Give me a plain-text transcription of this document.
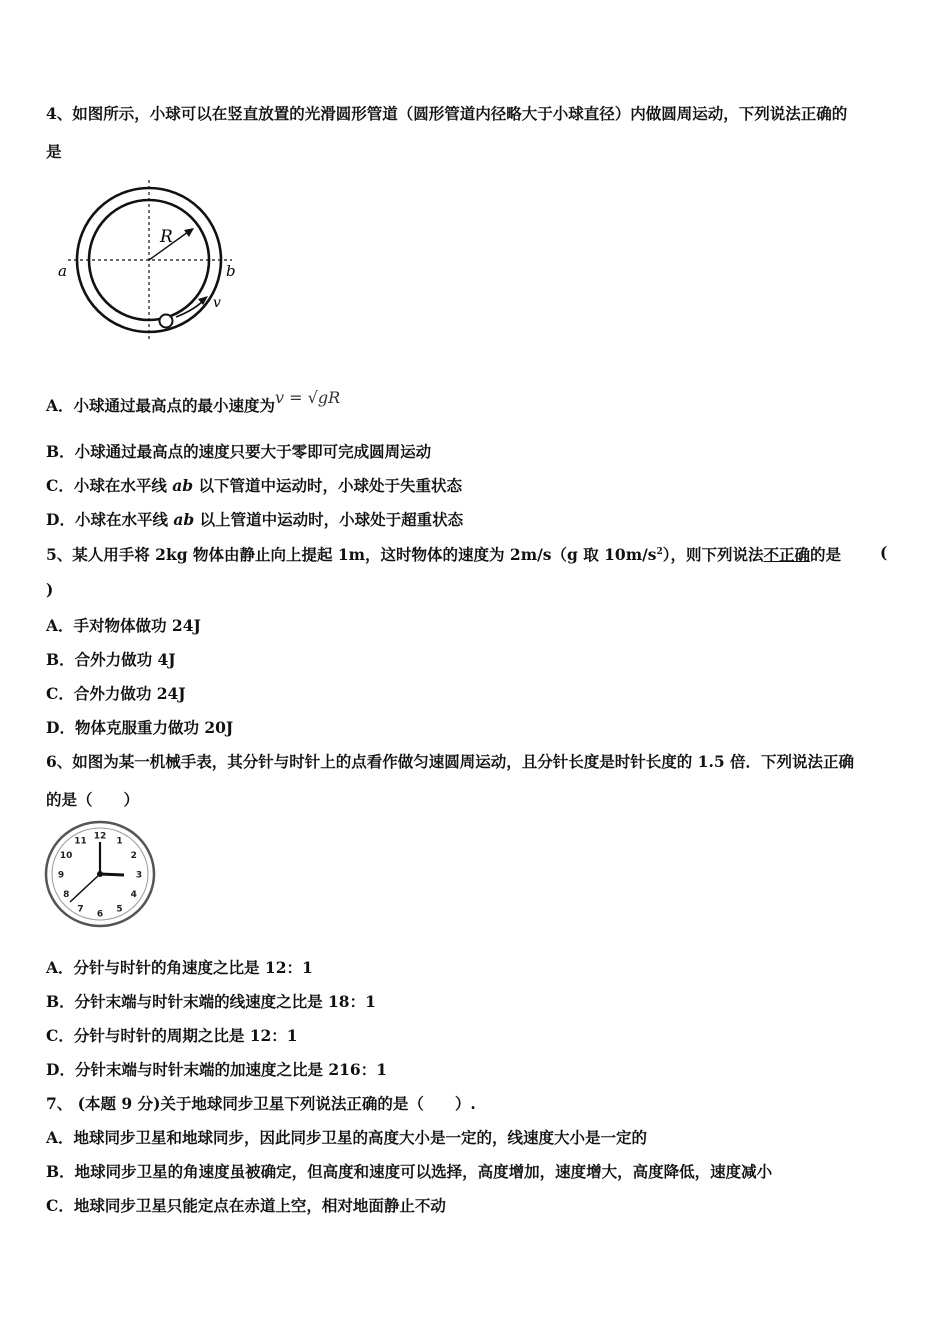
4、如图所示，小球可以在竖直放置的光滑圆形管道（圆形管道内径略大于小球直径）内做圆周运动，下列说法正确的
是
R
a	b
v
A．小球通过最高点的最小速度为v = √gR
B．小球通过最高点的速度只要大于零即可完成圆周运动
C．小球在水平线 ab 以下管道中运动时，小球处于失重状态
D．小球在水平线 ab 以上管道中运动时，小球处于超重状态
5、某人用手将 2kg 物体由静止向上提起 1m，这时物体的速度为 2m/s（g 取 $10m/s^2$），则下列说法不正确的是	(
)
A．手对物体做功 24J
B．合外力做功 4J
C．合外力做功 24J
D．物体克服重力做功 20J
6、如图为某一机械手表，其分针与时针上的点看作做匀速圆周运动，且分针长度是时针长度的 1.5 倍．下列说法正确
的是（　　）
12
1
2
3
4
5
6
7
8
9
10
11
A．分针与时针的角速度之比是 12：1
B．分针末端与时针末端的线速度之比是 18：1
C．分针与时针的周期之比是 12：1
D．分针末端与时针末端的加速度之比是 216：1
7、 (本题 9 分)关于地球同步卫星下列说法正确的是（　　）.
A．地球同步卫星和地球同步，因此同步卫星的高度大小是一定的，线速度大小是一定的
B．地球同步卫星的角速度虽被确定，但高度和速度可以选择，高度增加，速度增大，高度降低，速度减小
C．地球同步卫星只能定点在赤道上空，相对地面静止不动
